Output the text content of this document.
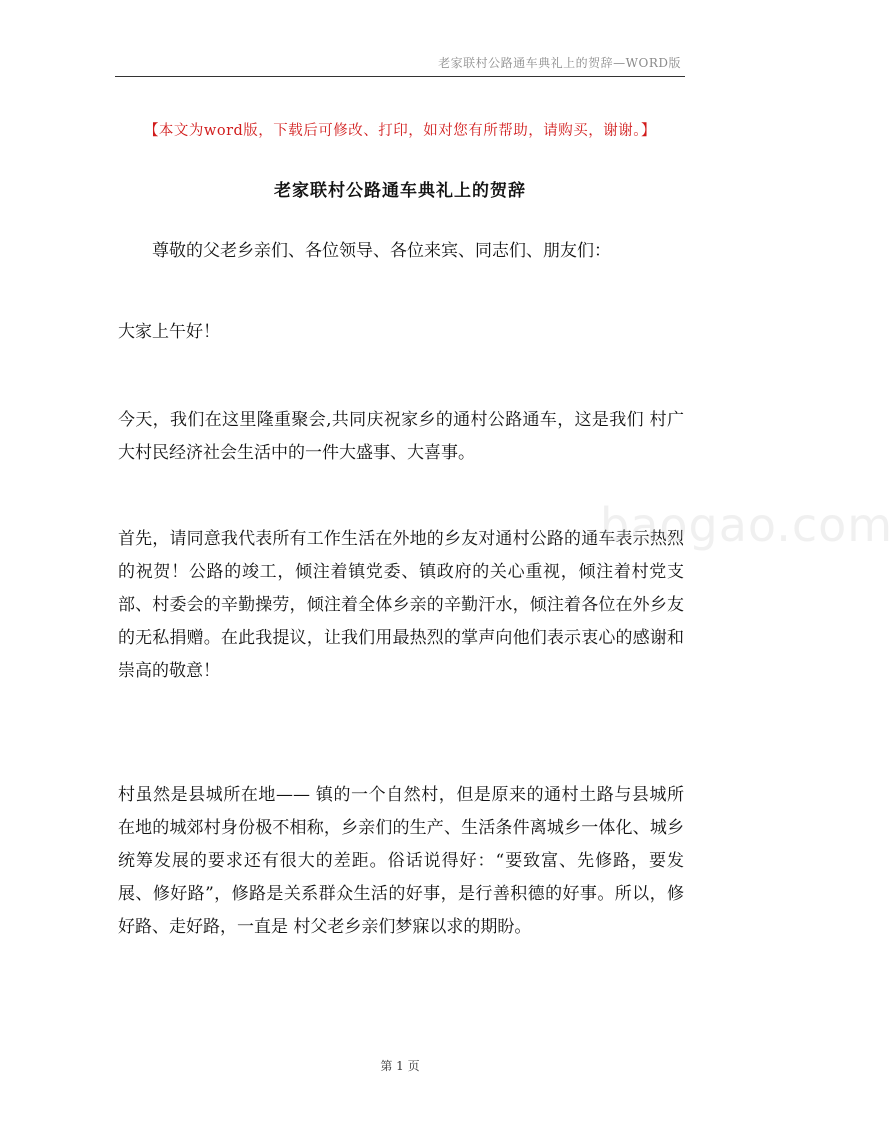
老家联村公路通车典礼上的贺辞—WORD版
【本文为word版，下载后可修改、打印，如对您有所帮助，请购买，谢谢。】
老家联村公路通车典礼上的贺辞
尊敬的父老乡亲们、各位领导、各位来宾、同志们、朋友们：
大家上午好！
今天，我们在这里隆重聚会,共同庆祝家乡的通村公路通车，这是我们 村广大村民经济社会生活中的一件大盛事、大喜事。
首先，请同意我代表所有工作生活在外地的乡友对通村公路的通车表示热烈的祝贺！公路的竣工，倾注着镇党委、镇政府的关心重视，倾注着村党支部、村委会的辛勤操劳，倾注着全体乡亲的辛勤汗水，倾注着各位在外乡友的无私捐赠。在此我提议，让我们用最热烈的掌声向他们表示衷心的感谢和崇高的敬意！
村虽然是县城所在地—— 镇的一个自然村，但是原来的通村土路与县城所在地的城郊村身份极不相称，乡亲们的生产、生活条件离城乡一体化、城乡统筹发展的要求还有很大的差距。俗话说得好：“要致富、先修路，要发展、修好路”，修路是关系群众生活的好事，是行善积德的好事。所以，修好路、走好路，一直是 村父老乡亲们梦寐以求的期盼。
baogao.com
第 1 页
